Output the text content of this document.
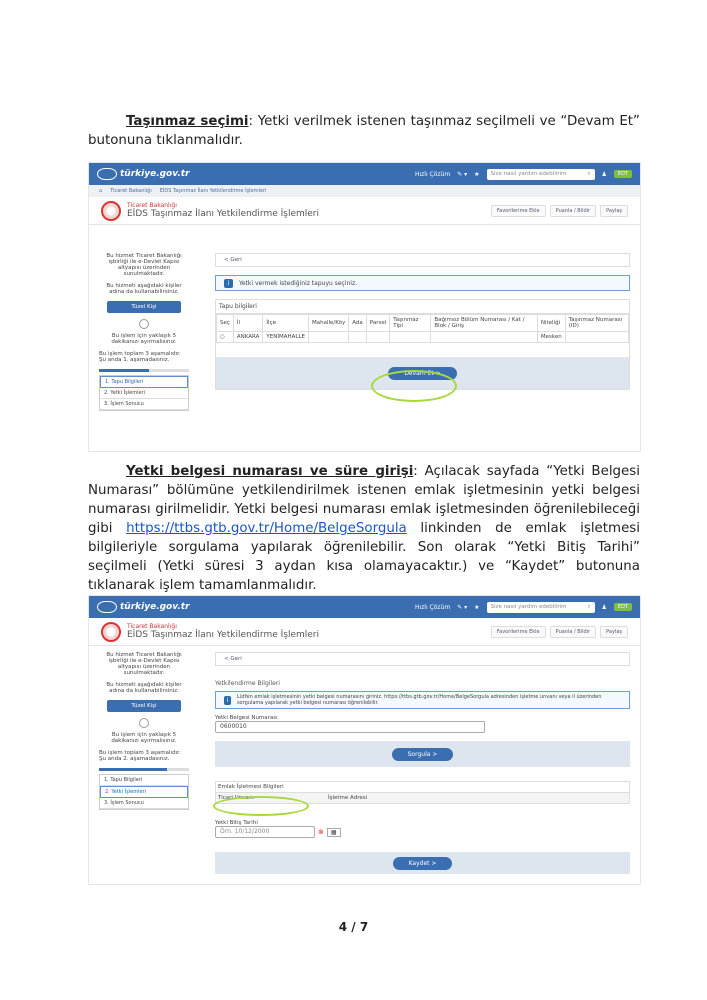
Taşınmaz seçimi: Yetki verilmek istenen taşınmaz seçilmeli ve “Devam Et” butonuna tıklanmalıdır.
türkiye.gov.tr	Hızlı Çözüm ✎ ▾ ★ Size nasıl yardım edebilirim	⌕ ♟	EDT
⌂ Ticaret Bakanlığı EİDS Taşınmaz İlanı Yetkilendirme İşlemleri
Ticaret Bakanlığı
EİDS Taşınmaz İlanı Yetkilendirme İşlemleri	Favorilerime Ekle	Puanla / Bildir	Paylaş

Bu hizmet Ticaret Bakanlığı işbirliği ile e-Devlet Kapısı altyapısı üzerinden sunulmaktadır.

Bu hizmeti aşağıdaki kişiler adına da kullanabilirsiniz.

Tüzel Kişi

Bu işlem için yaklaşık 5 dakikanızı ayırmalısınız.

Bu işlem toplam 3 aşamalıdır. Şu anda 1. aşamadasınız.

1. Tapu Bilgileri
2. Yetki İşlemleri
3. İşlem Sonucu
< Geri
i	Yetki vermek istediğiniz tapuyu seçiniz.
Tapu bilgileri
Seç	İl	İlçe	Mahalle/Köy	Ada	Parsel	Taşınmaz Tipi	Bağımsız Bölüm Numarası / Kat / Blok / Giriş	Niteliği	Taşınmaz Numarası (ID)
○	ANKARA	YENİMAHALLE						Mesken	
Devam Et >
Yetki belgesi numarası ve süre girişi: Açılacak sayfada “Yetki Belgesi Numarası” bölümüne yetkilendirilmek istenen emlak işletmesinin yetki belgesi numarası girilmelidir. Yetki belgesi numarası emlak işletmesinden öğrenilebileceği gibi https://ttbs.gtb.gov.tr/Home/BelgeSorgula linkinden de emlak işletmesi bilgileriyle sorgulama yapılarak öğrenilebilir. Son olarak “Yetki Bitiş Tarihi” seçilmeli (Yetki süresi 3 aydan kısa olamayacaktır.) ve “Kaydet” butonuna tıklanarak işlem tamamlanmalıdır.
türkiye.gov.tr	Hızlı Çözüm ✎ ▾ ★ Size nasıl yardım edebilirim	⌕ ♟	EDT
Ticaret Bakanlığı
EİDS Taşınmaz İlanı Yetkilendirme İşlemleri	Favorilerime Ekle	Puanla / Bildir	Paylaş

Bu hizmet Ticaret Bakanlığı işbirliği ile e-Devlet Kapısı altyapısı üzerinden sunulmaktadır.

Bu hizmeti aşağıdaki kişiler adına da kullanabilirsiniz.

Tüzel Kişi

Bu işlem için yaklaşık 5 dakikanızı ayırmalısınız.

Bu işlem toplam 3 aşamalıdır. Şu anda 2. aşamadasınız.

1. Tapu Bilgileri
2. Yetki İşlemleri
3. İşlem Sonucu
< Geri
Yetkilendirme Bilgileri
i	Lütfen emlak işletmesinin yetki belgesi numarasını giriniz. https://ttbs.gtb.gov.tr/Home/BelgeSorgula adresinden işletme unvanı veya il üzerinden sorgulama yapılarak yetki belgesi numarası öğrenilebilir.
Yetki Belgesi Numarası
0600010
Sorgula >
Emlak İşletmesi Bilgileri
Ticari Unvanı	İşletme Adresi
Yetki Bitiş Tarihi
Örn. 10/12/2000	⊗	▦
Kaydet >
4 / 7
